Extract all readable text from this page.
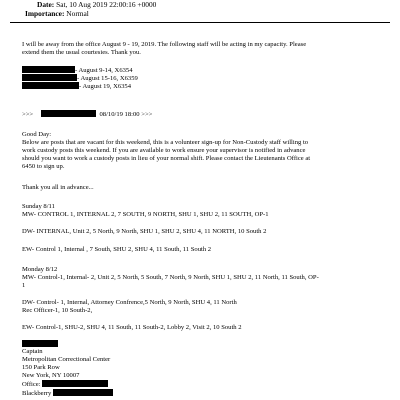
Date: Sat, 10 Aug 2019 22:00:16 +0000
Importance: Normal
I will be away from the office August 9 - 19, 2019. The following staff will be acting in my capacity. Please
extend them the usual courtesies. Thank you.
- August 9-14, X6354
- August 15-16, X6359
- August 19, X6354
>>>	08/10/19 18:00 >>>
Good Day:
Below are posts that are vacant for this weekend, this is a volunteer sign-up for Non-Custody staff willing to
work custody posts this weekend. If you are available to work ensure your supervisor is notified in advance
should you want to work a custody posts in lieu of your normal shift. Please contact the Lieutenants Office at
6450 to sign up.
Thank you all in advance...
Sunday 8/11
MW- CONTROL 1, INTERNAL 2, 7 SOUTH, 9 NORTH, SHU 1, SHU 2, 11 SOUTH, OP-1
DW- INTERNAL, Unit 2, 5 North, 9 North, SHU 1, SHU 2, SHU 4, 11 NORTH, 10 South 2
EW- Control 1, Internal , 7 South, SHU 2, SHU 4, 11 South, 11 South 2
Monday 8/12
MW- Control-1, Internal- 2, Unit 2, 5 North, 5 South, 7 North, 9 North, SHU 1, SHU 2, 11 North, 11 South, OP-
1
DW- Control- 1, Internal, Attorney Confrence,5 North, 9 North, SHU 4, 11 North
Rec Officer-1, 10 South-2,
EW- Control-1, SHU-2, SHU 4, 11 South, 11 South-2, Lobby 2, Visit 2, 10 South 2
Captain
Metropolitan Correctional Center
150 Park Row
New York, NY 10007
Office:
Blackberry
